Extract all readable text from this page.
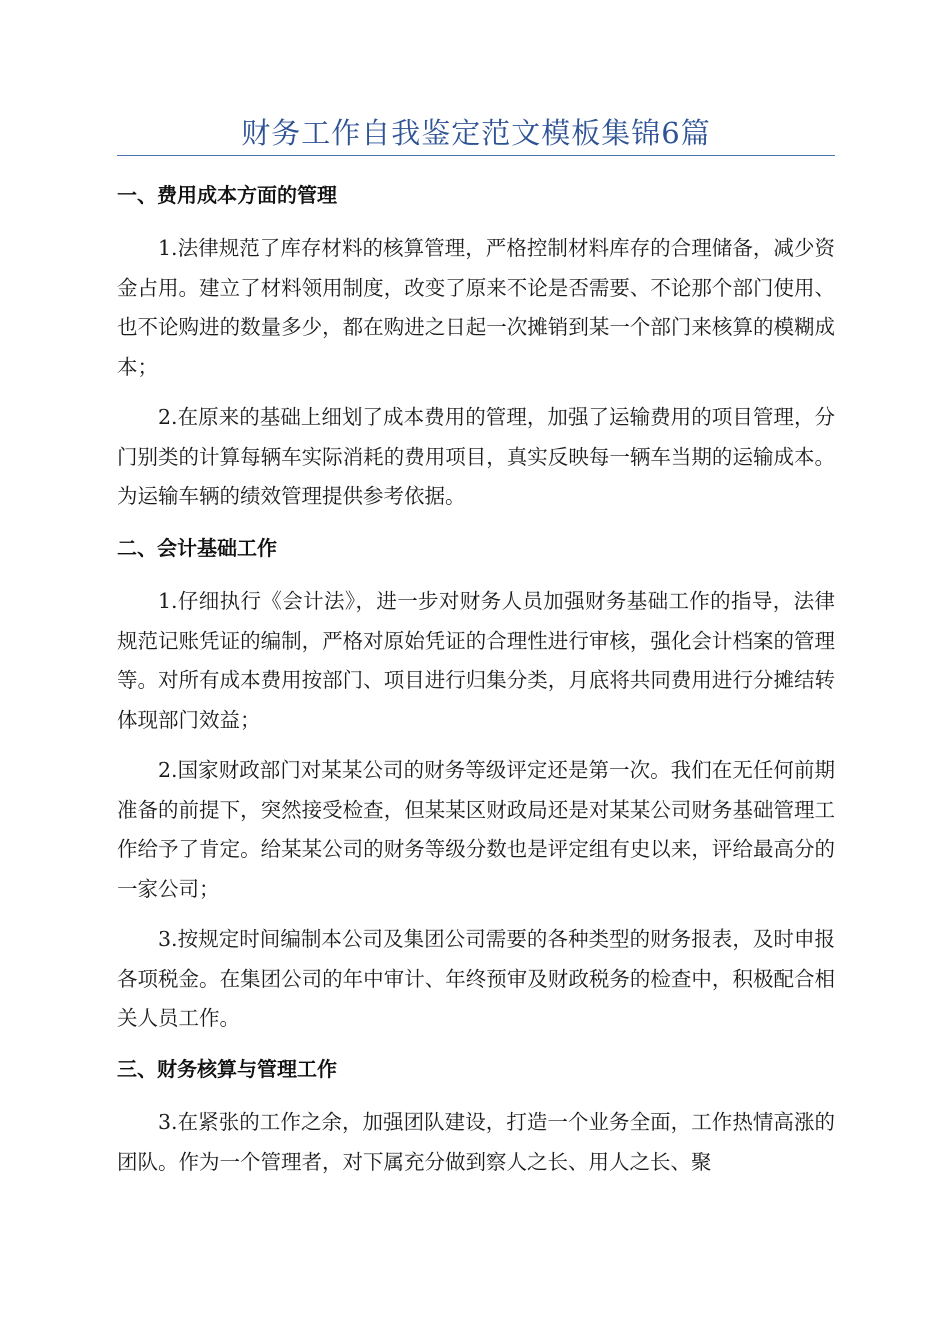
财务工作自我鉴定范文模板集锦6篇
一、费用成本方面的管理
1.法律规范了库存材料的核算管理，严格控制材料库存的合理储备，减少资金占用。建立了材料领用制度，改变了原来不论是否需要、不论那个部门使用、也不论购进的数量多少，都在购进之日起一次摊销到某一个部门来核算的模糊成本；
2.在原来的基础上细划了成本费用的管理，加强了运输费用的项目管理，分门别类的计算每辆车实际消耗的费用项目，真实反映每一辆车当期的运输成本。为运输车辆的绩效管理提供参考依据。
二、会计基础工作
1.仔细执行《会计法》，进一步对财务人员加强财务基础工作的指导，法律规范记账凭证的编制，严格对原始凭证的合理性进行审核，强化会计档案的管理等。对所有成本费用按部门、项目进行归集分类，月底将共同费用进行分摊结转体现部门效益；
2.国家财政部门对某某公司的财务等级评定还是第一次。我们在无任何前期准备的前提下，突然接受检查，但某某区财政局还是对某某公司财务基础管理工作给予了肯定。给某某公司的财务等级分数也是评定组有史以来，评给最高分的一家公司；
3.按规定时间编制本公司及集团公司需要的各种类型的财务报表，及时申报各项税金。在集团公司的年中审计、年终预审及财政税务的检查中，积极配合相关人员工作。
三、财务核算与管理工作
3.在紧张的工作之余，加强团队建设，打造一个业务全面，工作热情高涨的团队。作为一个管理者，对下属充分做到察人之长、用人之长、聚
